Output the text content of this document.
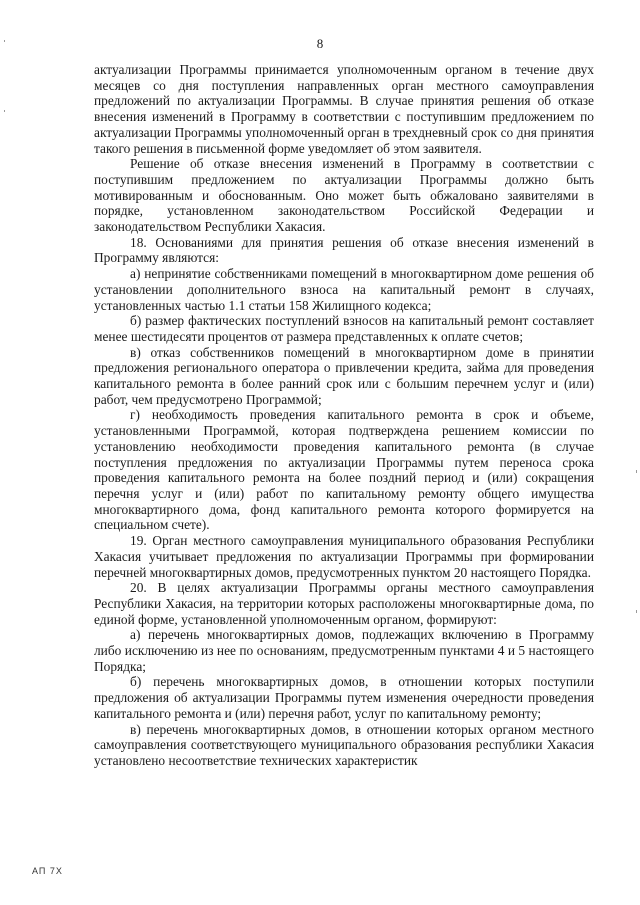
8

актуализации Программы принимается уполномоченным органом в течение двух месяцев со дня поступления направленных орган местного самоуправления предложений по актуализации Программы. В случае принятия решения об отказе внесения изменений в Программу в соответствии с поступившим предложением по актуализации Программы уполномоченный орган в трехдневный срок со дня принятия такого решения в письменной форме уведомляет об этом заявителя.

Решение об отказе внесения изменений в Программу в соответствии с поступившим предложением по актуализации Программы должно быть мотивированным и обоснованным. Оно может быть обжаловано заявителями в порядке, установленном законодательством Российской Федерации и законодательством Республики Хакасия.

18. Основаниями для принятия решения об отказе внесения изменений в Программу являются:

а) непринятие собственниками помещений в многоквартирном доме решения об установлении дополнительного взноса на капитальный ремонт в случаях, установленных частью 1.1 статьи 158 Жилищного кодекса;

б) размер фактических поступлений взносов на капитальный ремонт составляет менее шестидесяти процентов от размера представленных к оплате счетов;

в) отказ собственников помещений в многоквартирном доме в принятии предложения регионального оператора о привлечении кредита, займа для проведения капитального ремонта в более ранний срок или с большим перечнем услуг и (или) работ, чем предусмотрено Программой;

г) необходимость проведения капитального ремонта в срок и объеме, установленными Программой, которая подтверждена решением комиссии по установлению необходимости проведения капитального ремонта (в случае поступления предложения по актуализации Программы путем переноса срока проведения капитального ремонта на более поздний период и (или) сокращения перечня услуг и (или) работ по капитальному ремонту общего имущества многоквартирного дома, фонд капитального ремонта которого формируется на специальном счете).

19. Орган местного самоуправления муниципального образования Республики Хакасия учитывает предложения по актуализации Программы при формировании перечней многоквартирных домов, предусмотренных пунктом 20 настоящего Порядка.

20. В целях актуализации Программы органы местного самоуправления Республики Хакасия, на территории которых расположены многоквартирные дома, по единой форме, установленной уполномоченным органом, формируют:

а) перечень многоквартирных домов, подлежащих включению в Программу либо исключению из нее по основаниям, предусмотренным пунктами 4 и 5 настоящего Порядка;

б) перечень многоквартирных домов, в отношении которых поступили предложения об актуализации Программы путем изменения очередности проведения капитального ремонта и (или) перечня работ, услуг по капитальному ремонту;

в) перечень многоквартирных домов, в отношении которых органом местного самоуправления соответствующего муниципального образования республики Хакасия установлено несоответствие технических характеристик

АП 7Х
